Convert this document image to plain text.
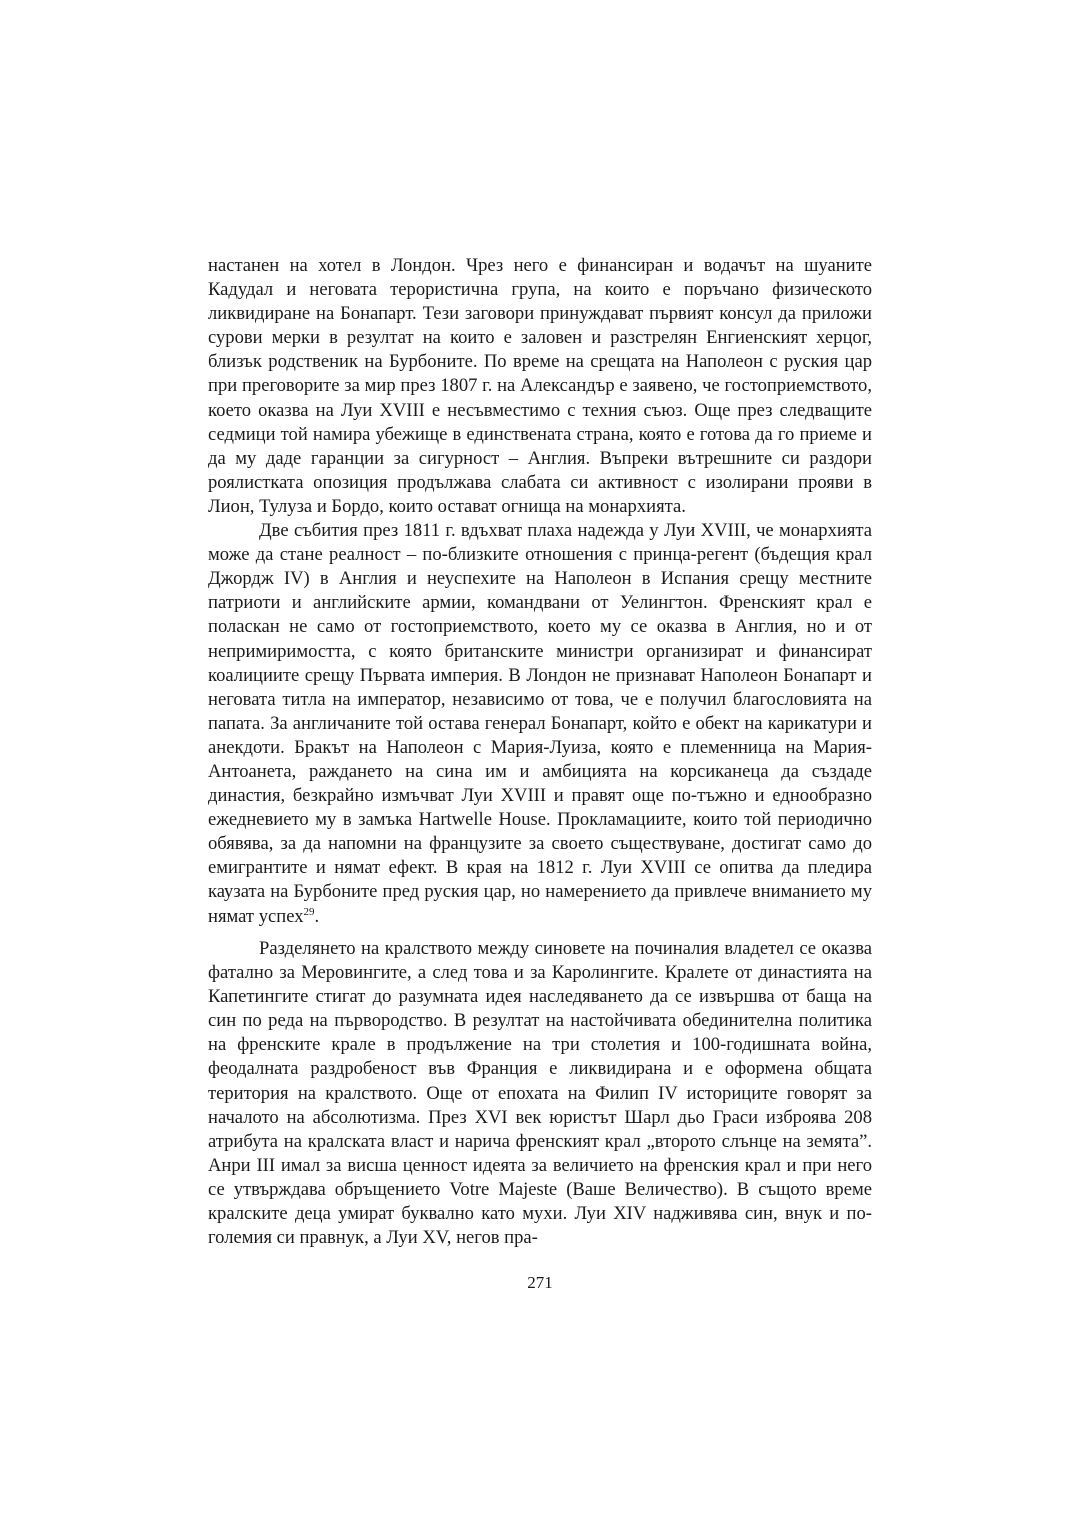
настанен на хотел в Лондон. Чрез него е финансиран и водачът на шуаните Кадудал и неговата терористична група, на които е поръчано физическото ликвидиране на Бонапарт. Тези заговори принуждават първият консул да приложи сурови мерки в резултат на които е заловен и разстрелян Енгиенският херцог, близък родственик на Бурбоните. По време на срещата на Наполеон с руския цар при преговорите за мир през 1807 г. на Александър е заявено, че гостоприемството, което оказва на Луи XVIII е несъвместимо с техния съюз. Още през следващите седмици той намира убежище в единствената страна, която е готова да го приеме и да му даде гаранции за сигурност – Англия. Въпреки вътрешните си раздори роялистката опозиция продължава слабата си активност с изолирани прояви в Лион, Тулуза и Бордо, които остават огнища на монархията.

Две събития през 1811 г. вдъхват плаха надежда у Луи XVIII, че монархията може да стане реалност – по-близките отношения с принца-регент (бъдещия крал Джордж IV) в Англия и неуспехите на Наполеон в Испания срещу местните патриоти и английските армии, командвани от Уелингтон. Френският крал е поласкан не само от гостоприемството, което му се оказва в Англия, но и от непримиримостта, с която британските министри организират и финансират коалициите срещу Първата империя. В Лондон не признават Наполеон Бонапарт и неговата титла на император, независимо от това, че е получил благословията на папата. За англичаните той остава генерал Бонапарт, който е обект на карикатури и анекдоти. Бракът на Наполеон с Мария-Луиза, която е племенница на Мария-Антоанета, раждането на сина им и амбицията на корсиканеца да създаде династия, безкрайно измъчват Луи XVIII и правят още по-тъжно и еднообразно ежедневието му в замъка Hartwelle House. Прокламациите, които той периодично обявява, за да напомни на французите за своето съществуване, достигат само до емигрантите и нямат ефект. В края на 1812 г. Луи XVIII се опитва да пледира каузата на Бурбоните пред руския цар, но намерението да привлече вниманието му нямат успех$^{29}$.

Разделянето на кралството между синовете на починалия владетел се оказва фатално за Меровингите, а след това и за Каролингите. Кралете от династията на Капетингите стигат до разумната идея наследяването да се извършва от баща на син по реда на първородство. В резултат на настойчивата обединителна политика на френските крале в продължение на три столетия и 100-годишната война, феодалната раздробеност във Франция е ликвидирана и е оформена общата територия на кралството. Още от епохата на Филип IV историците говорят за началото на абсолютизма. През XVI век юристът Шарл дьо Граси изброява 208 атрибута на кралската власт и нарича френският крал „второто слънце на земята”. Анри III имал за висша ценност идеята за величието на френския крал и при него се утвърждава обръщението Votre Majeste (Ваше Величество). В същото време кралските деца умират буквално като мухи. Луи XIV надживява син, внук и по-големия си правнук, а Луи XV, негов пра-

271
